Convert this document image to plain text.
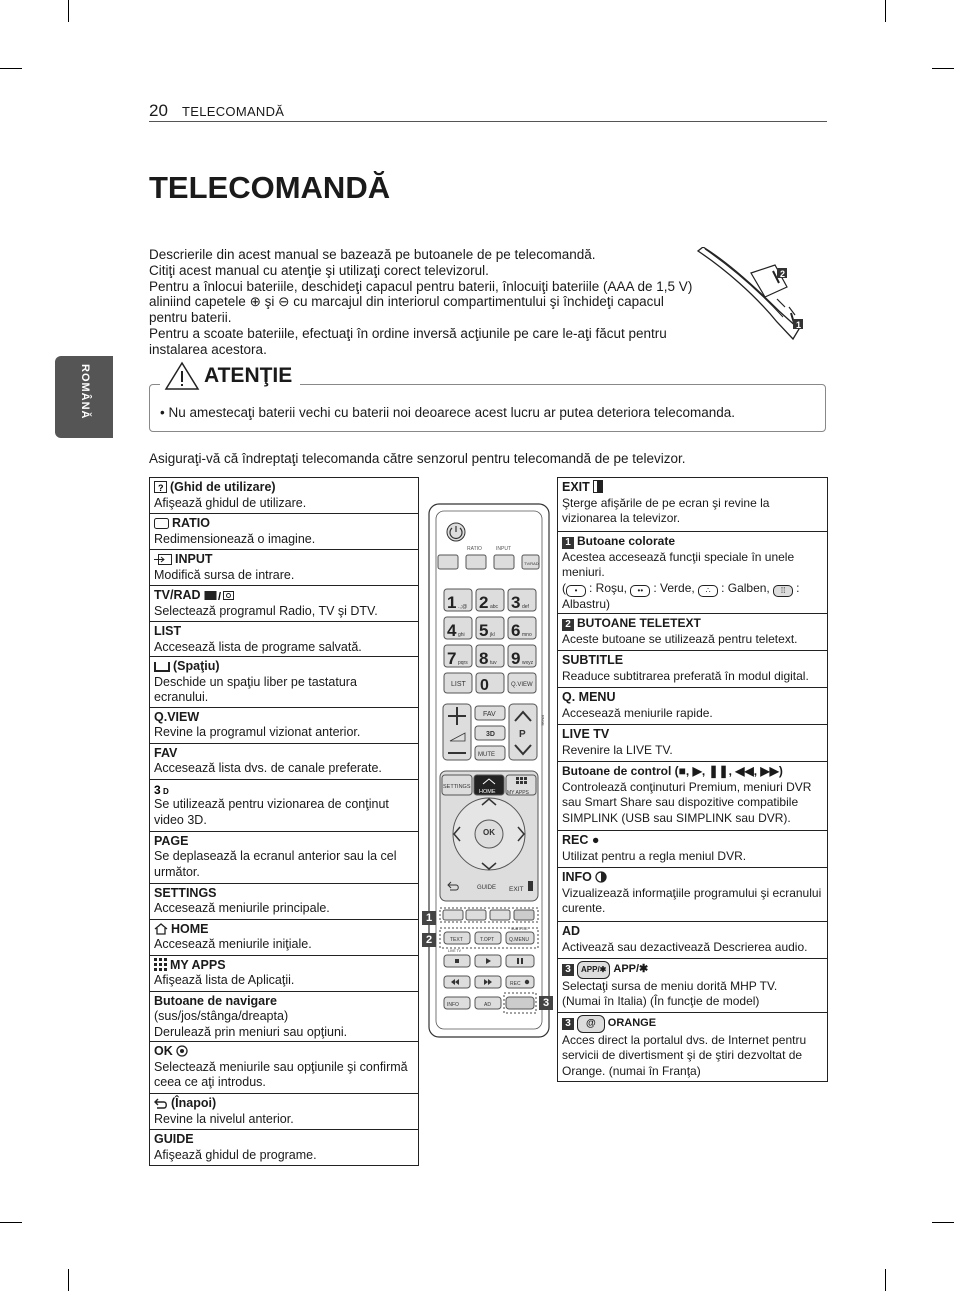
20 TELECOMANDĂ
ROMÂNĂ
TELECOMANDĂ

Descrierile din acest manual se bazează pe butoanele de pe telecomandă.

Citiţi acest manual cu atenţie şi utilizaţi corect televizorul.

Pentru a înlocui bateriile, deschideţi capacul pentru baterii, înlocuiţi bateriile (AAA de 1,5 V) aliniind capetele ⊕ şi ⊖ cu marcajul din interiorul compartimentului şi închideţi capacul pentru baterii.

Pentru a scoate bateriile, efectuaţi în ordine inversă acţiunile pe care le-aţi făcut pentru instalarea acestora.

2
1
ATENŢIE
• Nu amestecaţi baterii vechi cu baterii noi deoarece acest lucru ar putea deteriora telecomanda.
Asiguraţi-vă că îndreptaţi telecomanda către senzorul pentru telecomandă de pe televizor.
? (Ghid de utilizare)
Afişează ghidul de utilizare.

RATIO
Redimensionează o imagine.

INPUT
Modifică sursa de intrare.

TV/RAD /
Selectează programul Radio, TV şi DTV.

LIST
Accesează lista de programe salvată.

(Spaţiu)
Deschide un spaţiu liber pe tastatura ecranului.

Q.VIEW
Revine la programul vizionat anterior.

FAV
Accesează lista dvs. de canale preferate.

3 D
Se utilizează pentru vizionarea de conţinut video 3D.

PAGE
Se deplasează la ecranul anterior sau la cel următor.

SETTINGS
Accesează meniurile principale.

HOME
Accesează meniurile iniţiale.

MY APPS
Afişează lista de Aplicaţii.

Butoane de navigare (sus/jos/stânga/dreapta)
Derulează prin meniuri sau opţiuni.

OK
Selectează meniurile sau opţiunile şi confirmă ceea ce aţi introdus.

(Înapoi)
Revine la nivelul anterior.

GUIDE
Afişează ghidul de programe.
EXIT
Şterge afişările de pe ecran şi revine la vizionarea la televizor.

1 Butoane colorate
Acestea accesează funcţii speciale în unele meniuri.
( • : Roşu, •• : Verde, ∴ : Galben, ⁞⁞ : Albastru)

2 BUTOANE TELETEXT
Aceste butoane se utilizează pentru teletext.

SUBTITLE
Readuce subtitrarea preferată în modul digital.

Q. MENU
Accesează meniurile rapide.

LIVE TV
Revenire la LIVE TV.

Butoane de control (■, ▶, ❚❚, ◀◀, ▶▶)
Controlează conţinuturi Premium, meniuri DVR sau Smart Share sau dispozitive compatibile SIMPLINK (USB sau SIMPLINK sau DVR).

REC ●
Utilizat pentru a regla meniul DVR.

INFO
Vizualizează informaţiile programului şi ecranului curente.

AD
Activează sau dezactivează Descrierea audio.

3 APP/✱ APP/✱
Selectaţi sursa de meniu dorită MHP TV.
(Numai în Italia) (În funcţie de model)

3 @ ORANGE
Acces direct la portalul dvs. de Internet pentru servicii de divertisment şi de ştiri dezvoltat de Orange. (numai în Franţa)
RATIO	INPUT
TV/RAD
1 .,;@ 2 abc 3 def
4 ghi 5 jkl 6 mno
7 pqrs 8 tuv 9 wxyz
LIST 0	Q.VIEW
FAV
3D
MUTE
P
PAGE
SETTINGS
HOME MY APPS
OK
GUIDE EXIT
TEXT	T.OPT	Q.MENU
SUBTITLE
LIVE TV
REC
INFO	AD
1
2
3
